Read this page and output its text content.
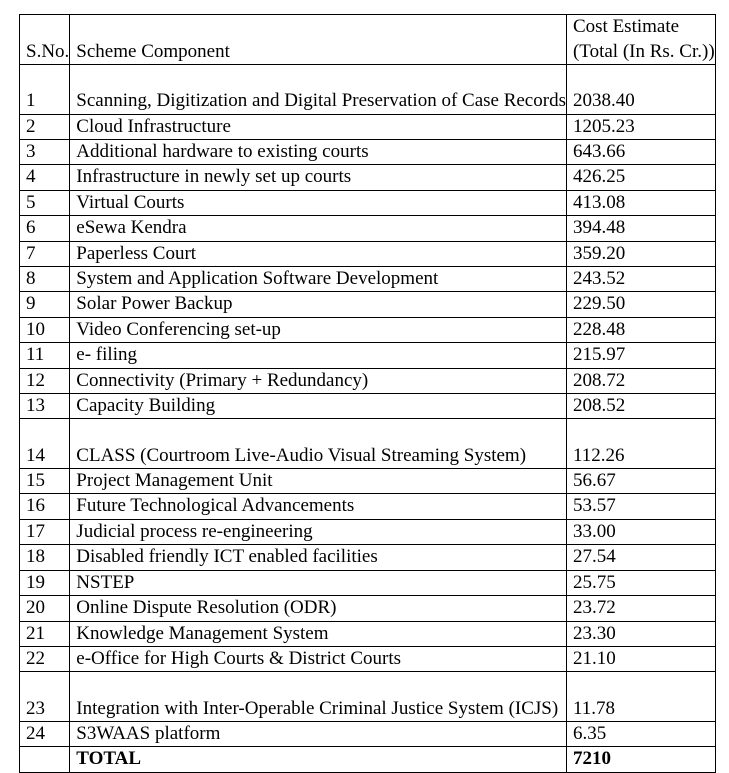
S.No.	Scheme Component	Cost Estimate
(Total (In Rs. Cr.))
1	Scanning, Digitization and Digital Preservation of Case Records	2038.40
2	Cloud Infrastructure	1205.23
3	Additional hardware to existing courts	643.66
4	Infrastructure in newly set up courts	426.25
5	Virtual Courts	413.08
6	eSewa Kendra	394.48
7	Paperless Court	359.20
8	System and Application Software Development	243.52
9	Solar Power Backup	229.50
10	Video Conferencing set-up	228.48
11	e- filing	215.97
12	Connectivity (Primary + Redundancy)	208.72
13	Capacity Building	208.52
14	CLASS (Courtroom Live-Audio Visual Streaming System)	112.26
15	Project Management Unit	56.67
16	Future Technological Advancements	53.57
17	Judicial process re-engineering	33.00
18	Disabled friendly ICT enabled facilities	27.54
19	NSTEP	25.75
20	Online Dispute Resolution (ODR)	23.72
21	Knowledge Management System	23.30
22	e-Office for High Courts & District Courts	21.10
23	Integration with Inter-Operable Criminal Justice System (ICJS)	11.78
24	S3WAAS platform	6.35
	TOTAL	7210
